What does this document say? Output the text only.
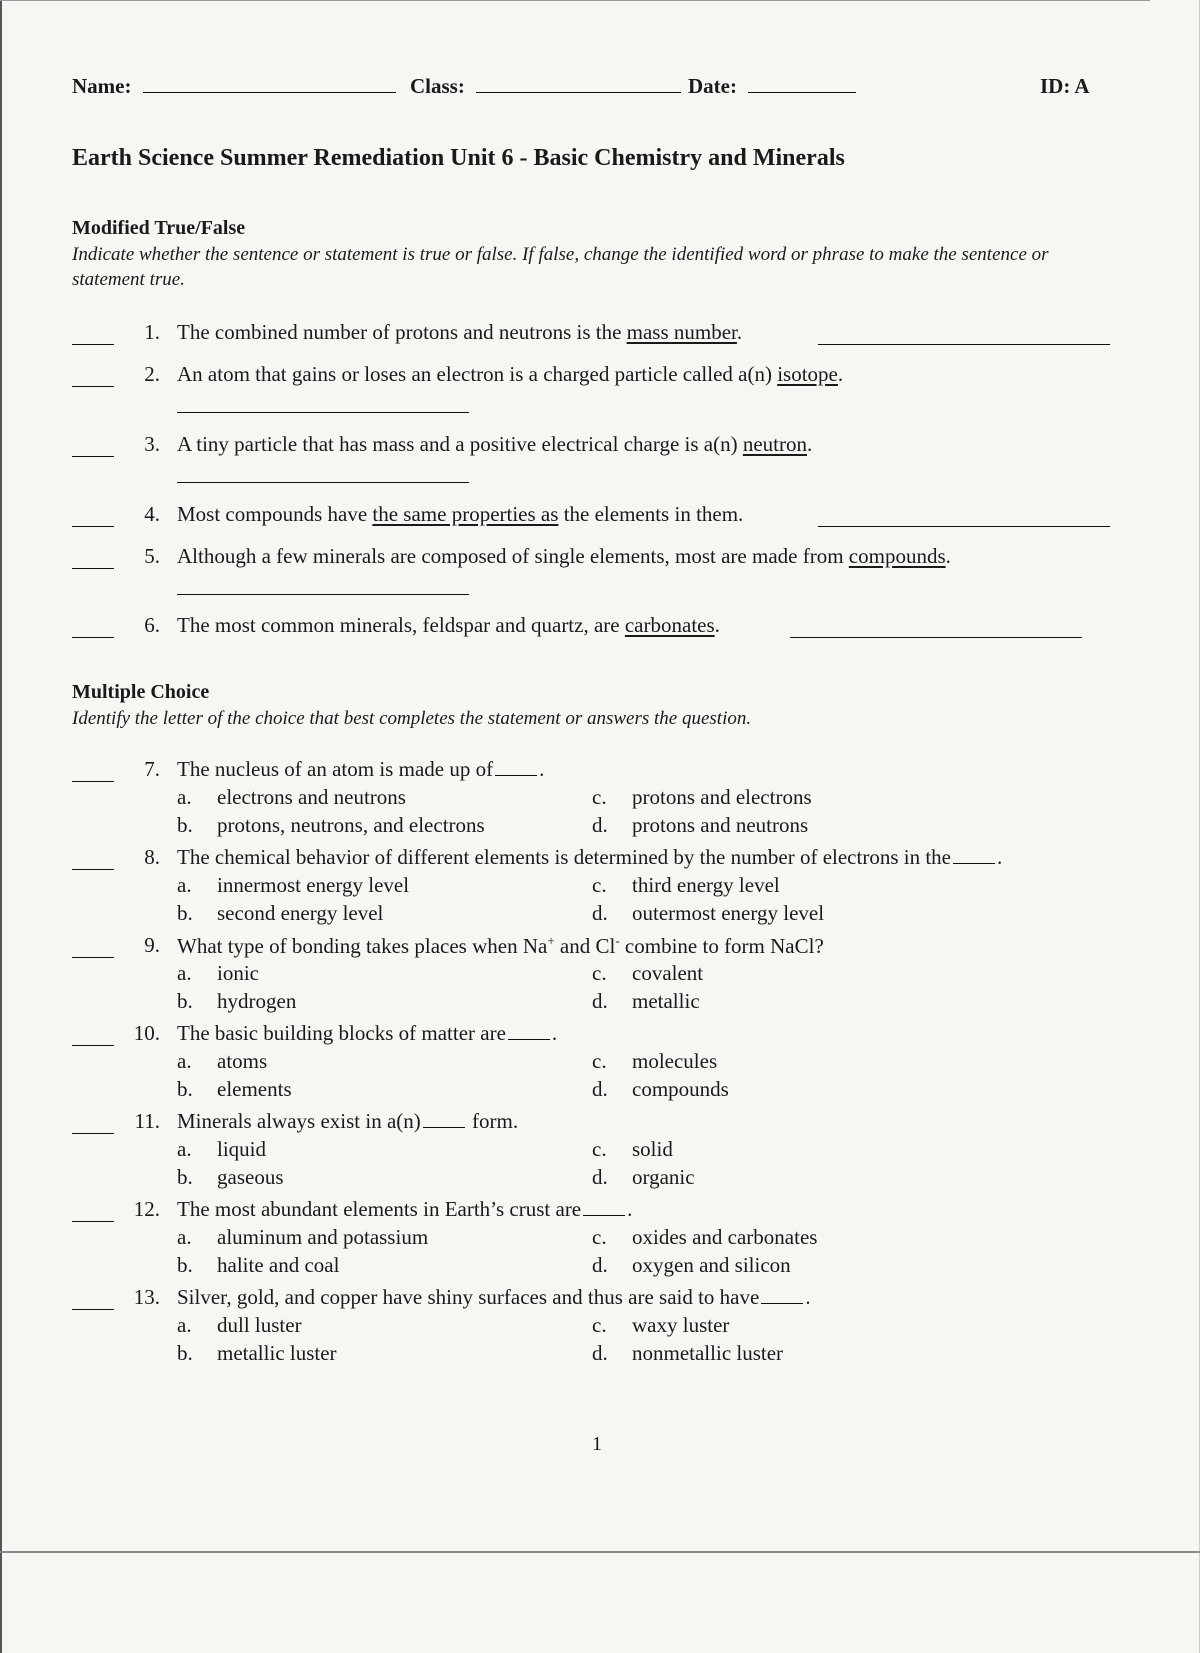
Name:	Class:	Date:	ID: A
Earth Science Summer Remediation Unit 6 - Basic Chemistry and Minerals
Modified True/False
Indicate whether the sentence or statement is true or false. If false, change the identified word or phrase to make the sentence or statement true.
1. The combined number of protons and neutrons is the mass number.
2. An atom that gains or loses an electron is a charged particle called a(n) isotope.
3. A tiny particle that has mass and a positive electrical charge is a(n) neutron.
4. Most compounds have the same properties as the elements in them.
5. Although a few minerals are composed of single elements, most are made from compounds.
6. The most common minerals, feldspar and quartz, are carbonates.
Multiple Choice
Identify the letter of the choice that best completes the statement or answers the question.
7. The nucleus of an atom is made up of .
a. electrons and neutrons
b. protons, neutrons, and electrons
c. protons and electrons
d. protons and neutrons
8. The chemical behavior of different elements is determined by the number of electrons in the .
a. innermost energy level
b. second energy level
c. third energy level
d. outermost energy level
9. What type of bonding takes places when Na+ and Cl- combine to form NaCl?
a. ionic
b. hydrogen
c. covalent
d. metallic
10. The basic building blocks of matter are .
a. atoms
b. elements
c. molecules
d. compounds
11. Minerals always exist in a(n) form.
a. liquid
b. gaseous
c. solid
d. organic
12. The most abundant elements in Earth’s crust are .
a. aluminum and potassium
b. halite and coal
c. oxides and carbonates
d. oxygen and silicon
13. Silver, gold, and copper have shiny surfaces and thus are said to have .
a. dull luster
b. metallic luster
c. waxy luster
d. nonmetallic luster
1
